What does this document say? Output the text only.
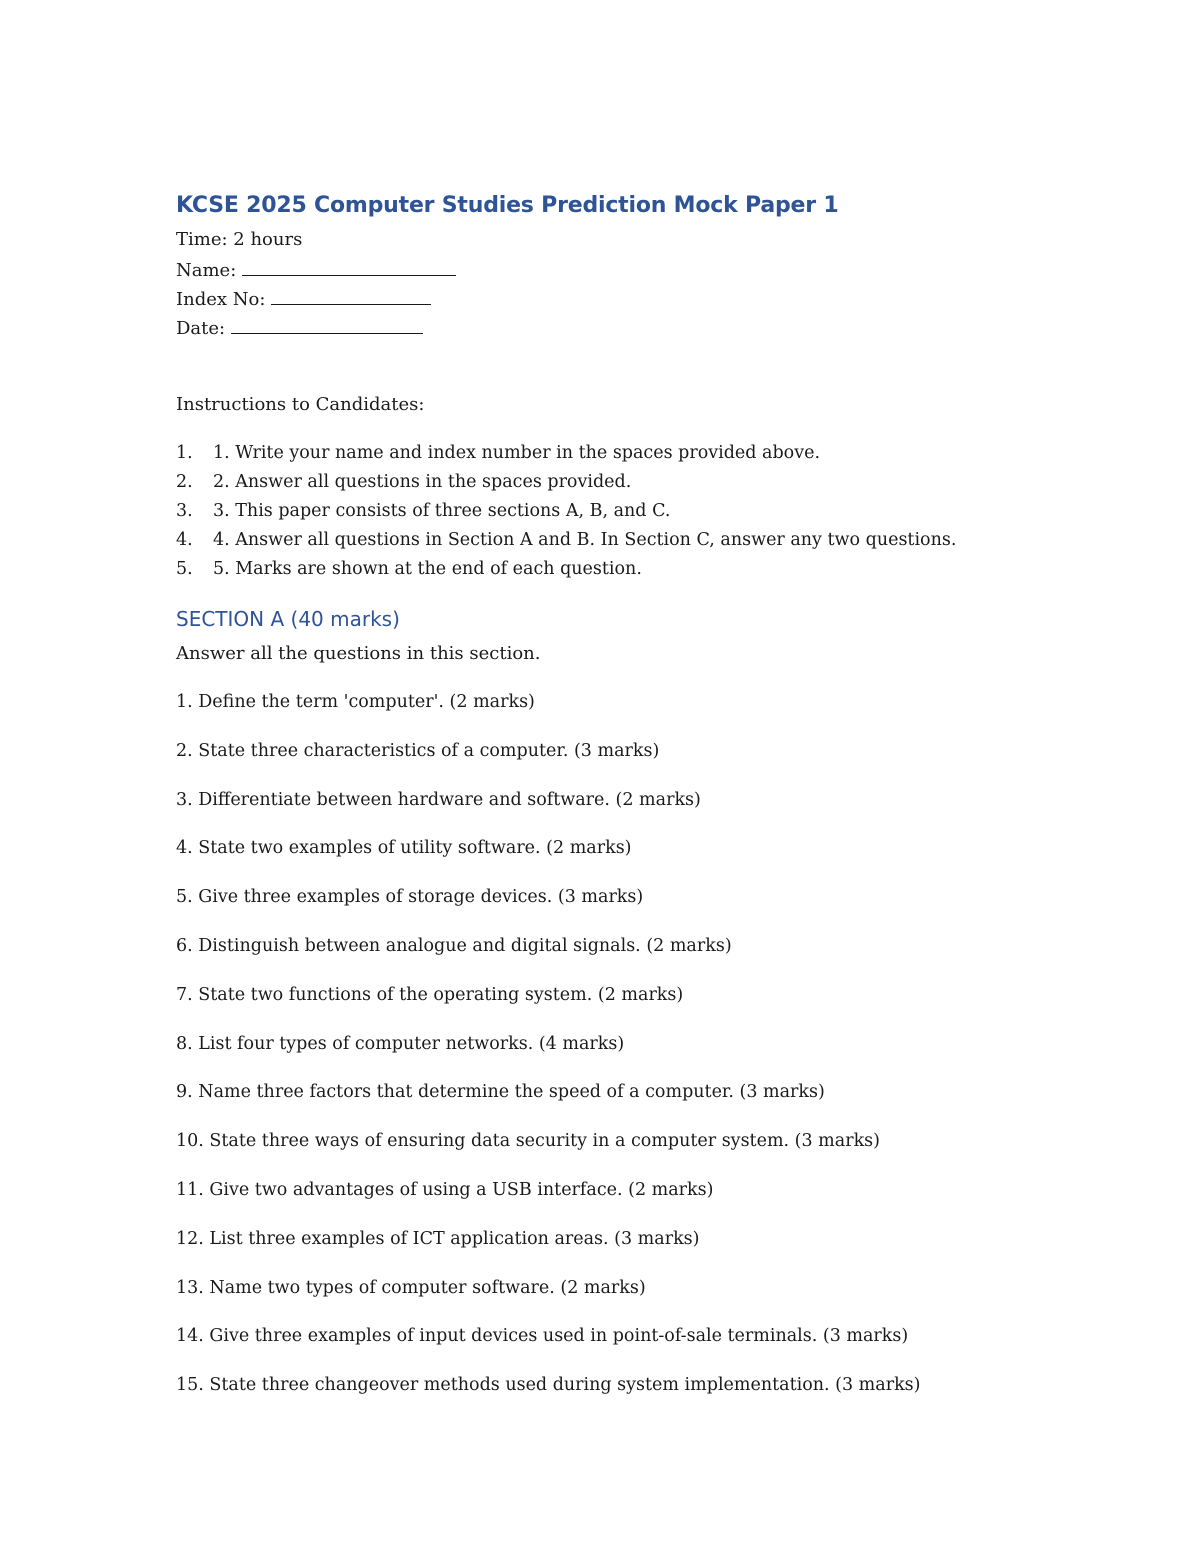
KCSE 2025 Computer Studies Prediction Mock Paper 1
Time: 2 hours
Name:
Index No:
Date:
Instructions to Candidates:
1. 1. Write your name and index number in the spaces provided above.
2. 2. Answer all questions in the spaces provided.
3. 3. This paper consists of three sections A, B, and C.
4. 4. Answer all questions in Section A and B. In Section C, answer any two questions.
5. 5. Marks are shown at the end of each question.
SECTION A (40 marks)
Answer all the questions in this section.
1. Define the term 'computer'. (2 marks)
2. State three characteristics of a computer. (3 marks)
3. Differentiate between hardware and software. (2 marks)
4. State two examples of utility software. (2 marks)
5. Give three examples of storage devices. (3 marks)
6. Distinguish between analogue and digital signals. (2 marks)
7. State two functions of the operating system. (2 marks)
8. List four types of computer networks. (4 marks)
9. Name three factors that determine the speed of a computer. (3 marks)
10. State three ways of ensuring data security in a computer system. (3 marks)
11. Give two advantages of using a USB interface. (2 marks)
12. List three examples of ICT application areas. (3 marks)
13. Name two types of computer software. (2 marks)
14. Give three examples of input devices used in point-of-sale terminals. (3 marks)
15. State three changeover methods used during system implementation. (3 marks)
